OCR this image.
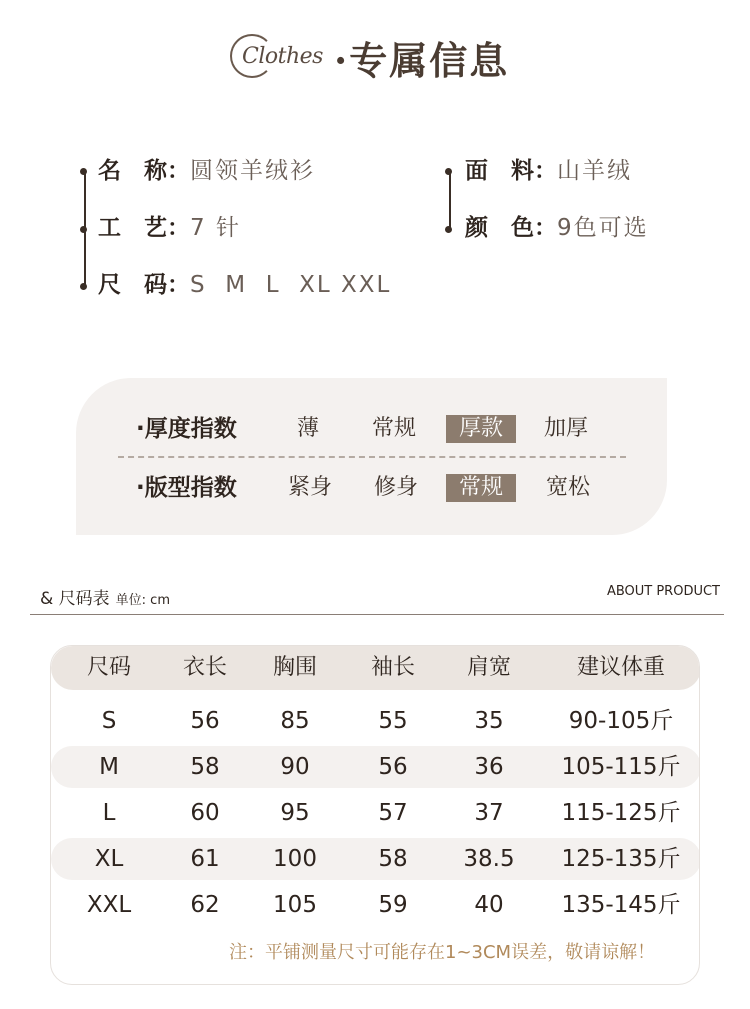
Clothes ·专属信息
名　称：圆领羊绒衫
工　艺：7 针
尺　码：S  M  L  XL XXL
面　料：山羊绒
颜　色：9色可选
·厚度指数	薄	常规	厚款	加厚
·版型指数 紧身 修身	常规	宽松
& 尺码表 单位: cm
ABOUT PRODUCT
尺码	衣长	胸围	袖长	肩宽	建议体重
S	56	85	55	35	90-105斤
M	58	90	56	36	105-115斤
L	60	95	57	37	115-125斤
XL	61	100	58	38.5	125-135斤
XXL	62	105	59	40	135-145斤
注：平铺测量尺寸可能存在1~3CM误差，敬请谅解！
